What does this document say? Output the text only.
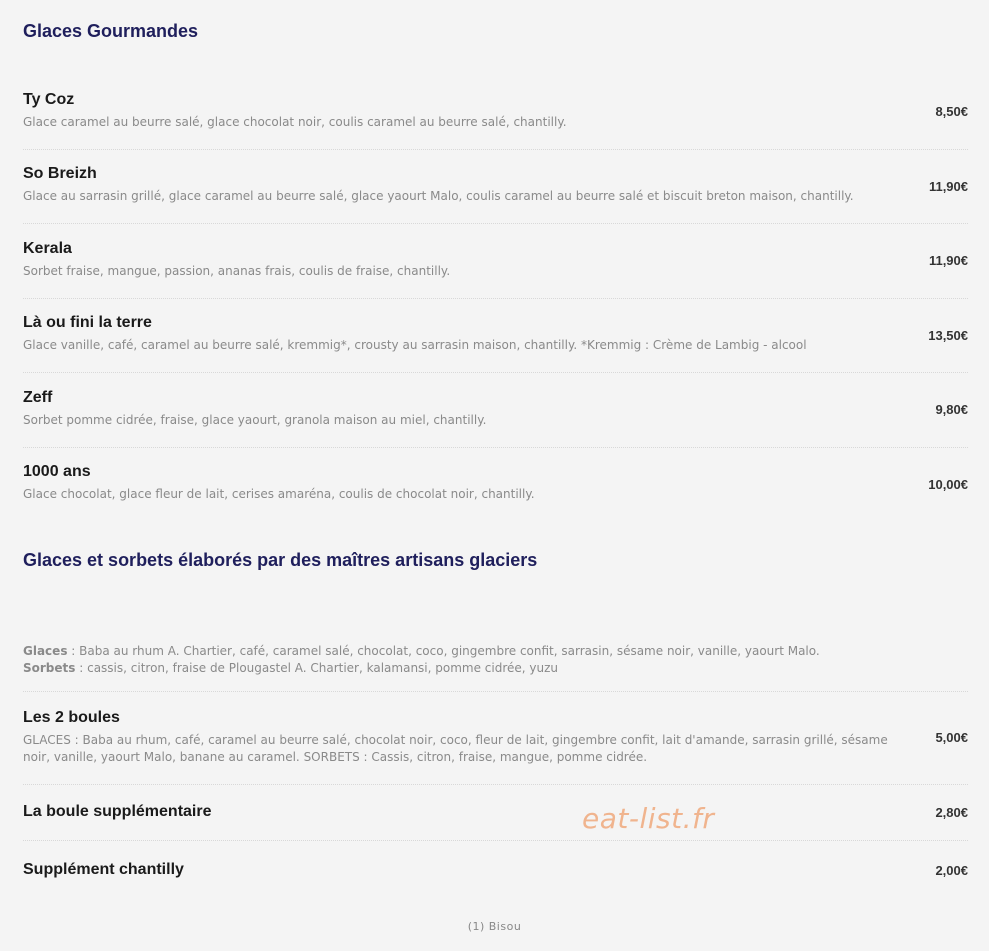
Glaces Gourmandes
Ty Coz
Glace caramel au beurre salé, glace chocolat noir, coulis caramel au beurre salé, chantilly.
8,50€
So Breizh
Glace au sarrasin grillé, glace caramel au beurre salé, glace yaourt Malo, coulis caramel au beurre salé et biscuit breton maison, chantilly.
11,90€
Kerala
Sorbet fraise, mangue, passion, ananas frais, coulis de fraise, chantilly.
11,90€
Là ou fini la terre
Glace vanille, café, caramel au beurre salé, kremmig*, crousty au sarrasin maison, chantilly. *Kremmig : Crème de Lambig - alcool
13,50€
Zeff
Sorbet pomme cidrée, fraise, glace yaourt, granola maison au miel, chantilly.
9,80€
1000 ans
Glace chocolat, glace fleur de lait, cerises amaréna, coulis de chocolat noir, chantilly.
10,00€
Glaces et sorbets élaborés par des maîtres artisans glaciers
Glaces : Baba au rhum A. Chartier, café, caramel salé, chocolat, coco, gingembre confit, sarrasin, sésame noir, vanille, yaourt Malo.
Sorbets : cassis, citron, fraise de Plougastel A. Chartier, kalamansi, pomme cidrée, yuzu
Les 2 boules
GLACES : Baba au rhum, café, caramel au beurre salé, chocolat noir, coco, fleur de lait, gingembre confit, lait d'amande, sarrasin grillé, sésame noir, vanille, yaourt Malo, banane au caramel. SORBETS : Cassis, citron, fraise, mangue, pomme cidrée.
5,00€
La boule supplémentaire	2,80€
Supplément chantilly	2,00€
eat-list.fr
(1) Bisou
